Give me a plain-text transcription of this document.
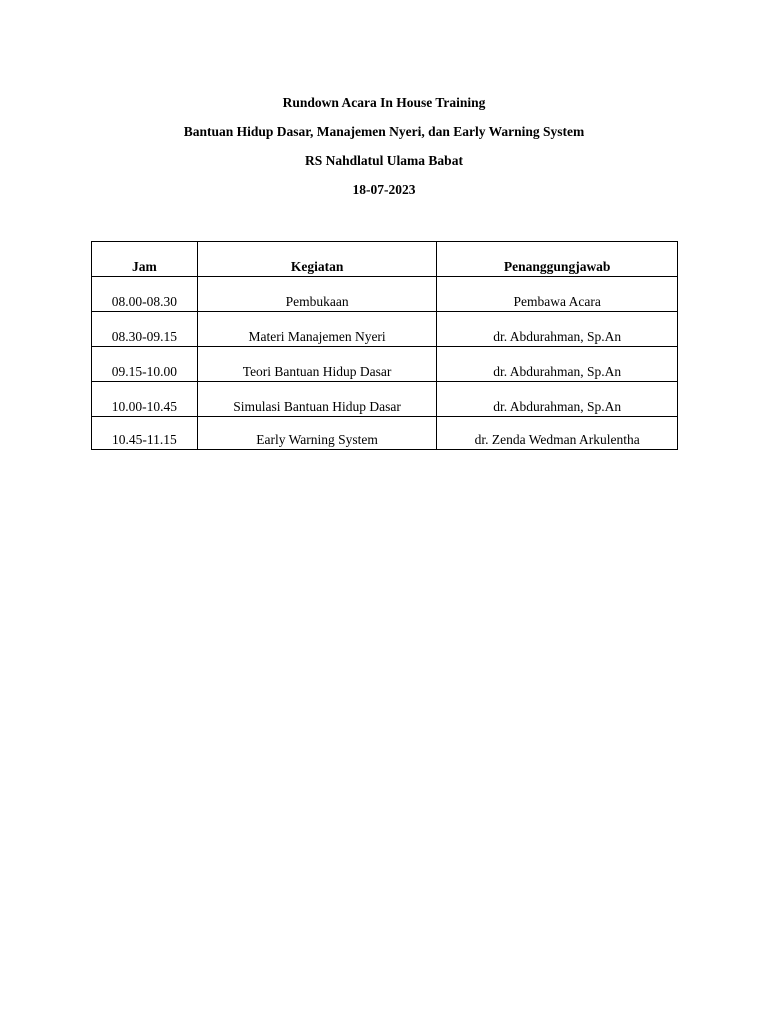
Rundown Acara In House Training
Bantuan Hidup Dasar, Manajemen Nyeri, dan Early Warning System
RS Nahdlatul Ulama Babat
18-07-2023
Jam	Kegiatan	Penanggungjawab
08.00-08.30	Pembukaan	Pembawa Acara
08.30-09.15	Materi Manajemen Nyeri	dr. Abdurahman, Sp.An
09.15-10.00	Teori Bantuan Hidup Dasar	dr. Abdurahman, Sp.An
10.00-10.45	Simulasi Bantuan Hidup Dasar	dr. Abdurahman, Sp.An
10.45-11.15	Early Warning System	dr. Zenda Wedman Arkulentha
